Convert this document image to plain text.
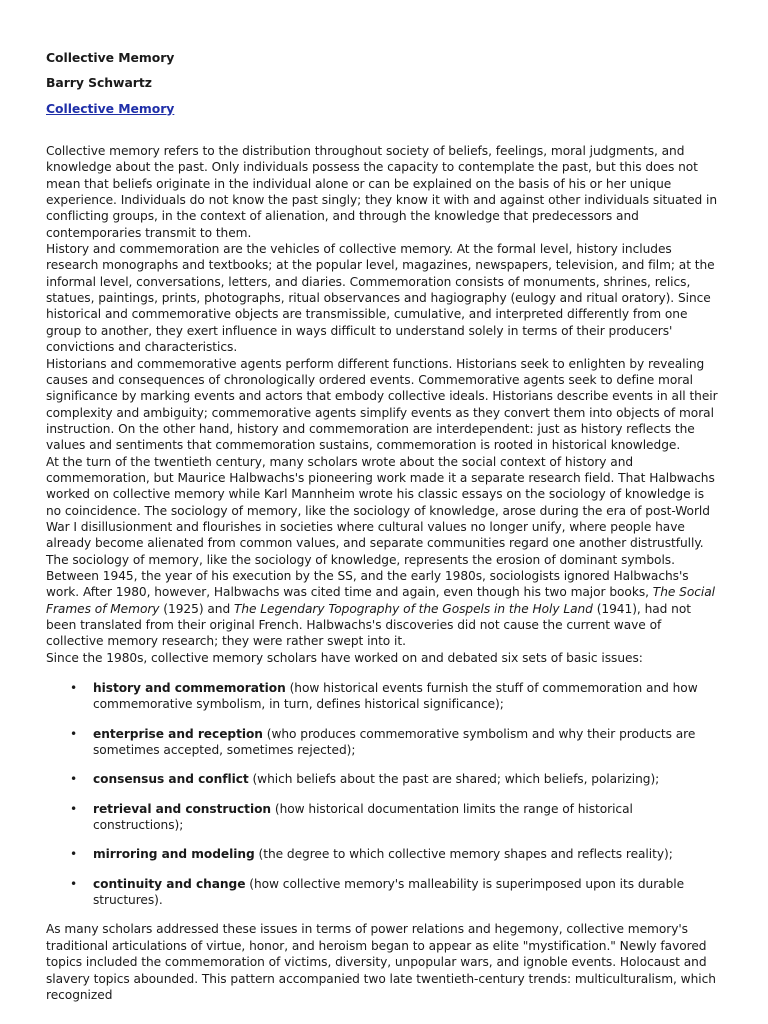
Collective Memory
Barry Schwartz
Collective Memory

Collective memory refers to the distribution throughout society of beliefs, feelings, moral judgments, and knowledge about the past. Only individuals possess the capacity to contemplate the past, but this does not mean that beliefs originate in the individual alone or can be explained on the basis of his or her unique experience. Individuals do not know the past singly; they know it with and against other individuals situated in conflicting groups, in the context of alienation, and through the knowledge that predecessors and contemporaries transmit to them.

History and commemoration are the vehicles of collective memory. At the formal level, history includes research monographs and textbooks; at the popular level, magazines, newspapers, television, and film; at the informal level, conversations, letters, and diaries. Commemoration consists of monuments, shrines, relics, statues, paintings, prints, photographs, ritual observances and hagiography (eulogy and ritual oratory). Since historical and commemorative objects are transmissible, cumulative, and interpreted differently from one group to another, they exert influence in ways difficult to understand solely in terms of their producers' convictions and characteristics.

Historians and commemorative agents perform different functions. Historians seek to enlighten by revealing causes and consequences of chronologically ordered events. Commemorative agents seek to define moral significance by marking events and actors that embody collective ideals. Historians describe events in all their complexity and ambiguity; commemorative agents simplify events as they convert them into objects of moral instruction. On the other hand, history and commemoration are interdependent: just as history reflects the values and sentiments that commemoration sustains, commemoration is rooted in historical knowledge.

At the turn of the twentieth century, many scholars wrote about the social context of history and commemoration, but Maurice Halbwachs's pioneering work made it a separate research field. That Halbwachs worked on collective memory while Karl Mannheim wrote his classic essays on the sociology of knowledge is no coincidence. The sociology of memory, like the sociology of knowledge, arose during the era of post-World War I disillusionment and flourishes in societies where cultural values no longer unify, where people have already become alienated from common values, and separate communities regard one another distrustfully. The sociology of memory, like the sociology of knowledge, represents the erosion of dominant symbols.

Between 1945, the year of his execution by the SS, and the early 1980s, sociologists ignored Halbwachs's work. After 1980, however, Halbwachs was cited time and again, even though his two major books, The Social Frames of Memory (1925) and The Legendary Topography of the Gospels in the Holy Land (1941), had not been translated from their original French. Halbwachs's discoveries did not cause the current wave of collective memory research; they were rather swept into it.

Since the 1980s, collective memory scholars have worked on and debated six sets of basic issues:

• history and commemoration (how historical events furnish the stuff of commemoration and how commemorative symbolism, in turn, defines historical significance);
• enterprise and reception (who produces commemorative symbolism and why their products are sometimes accepted, sometimes rejected);
• consensus and conflict (which beliefs about the past are shared; which beliefs, polarizing);
• retrieval and construction (how historical documentation limits the range of historical constructions);
• mirroring and modeling (the degree to which collective memory shapes and reflects reality);
• continuity and change (how collective memory's malleability is superimposed upon its durable structures).

As many scholars addressed these issues in terms of power relations and hegemony, collective memory's traditional articulations of virtue, honor, and heroism began to appear as elite "mystification." Newly favored topics included the commemoration of victims, diversity, unpopular wars, and ignoble events. Holocaust and slavery topics abounded. This pattern accompanied two late twentieth-century trends: multiculturalism, which recognized
